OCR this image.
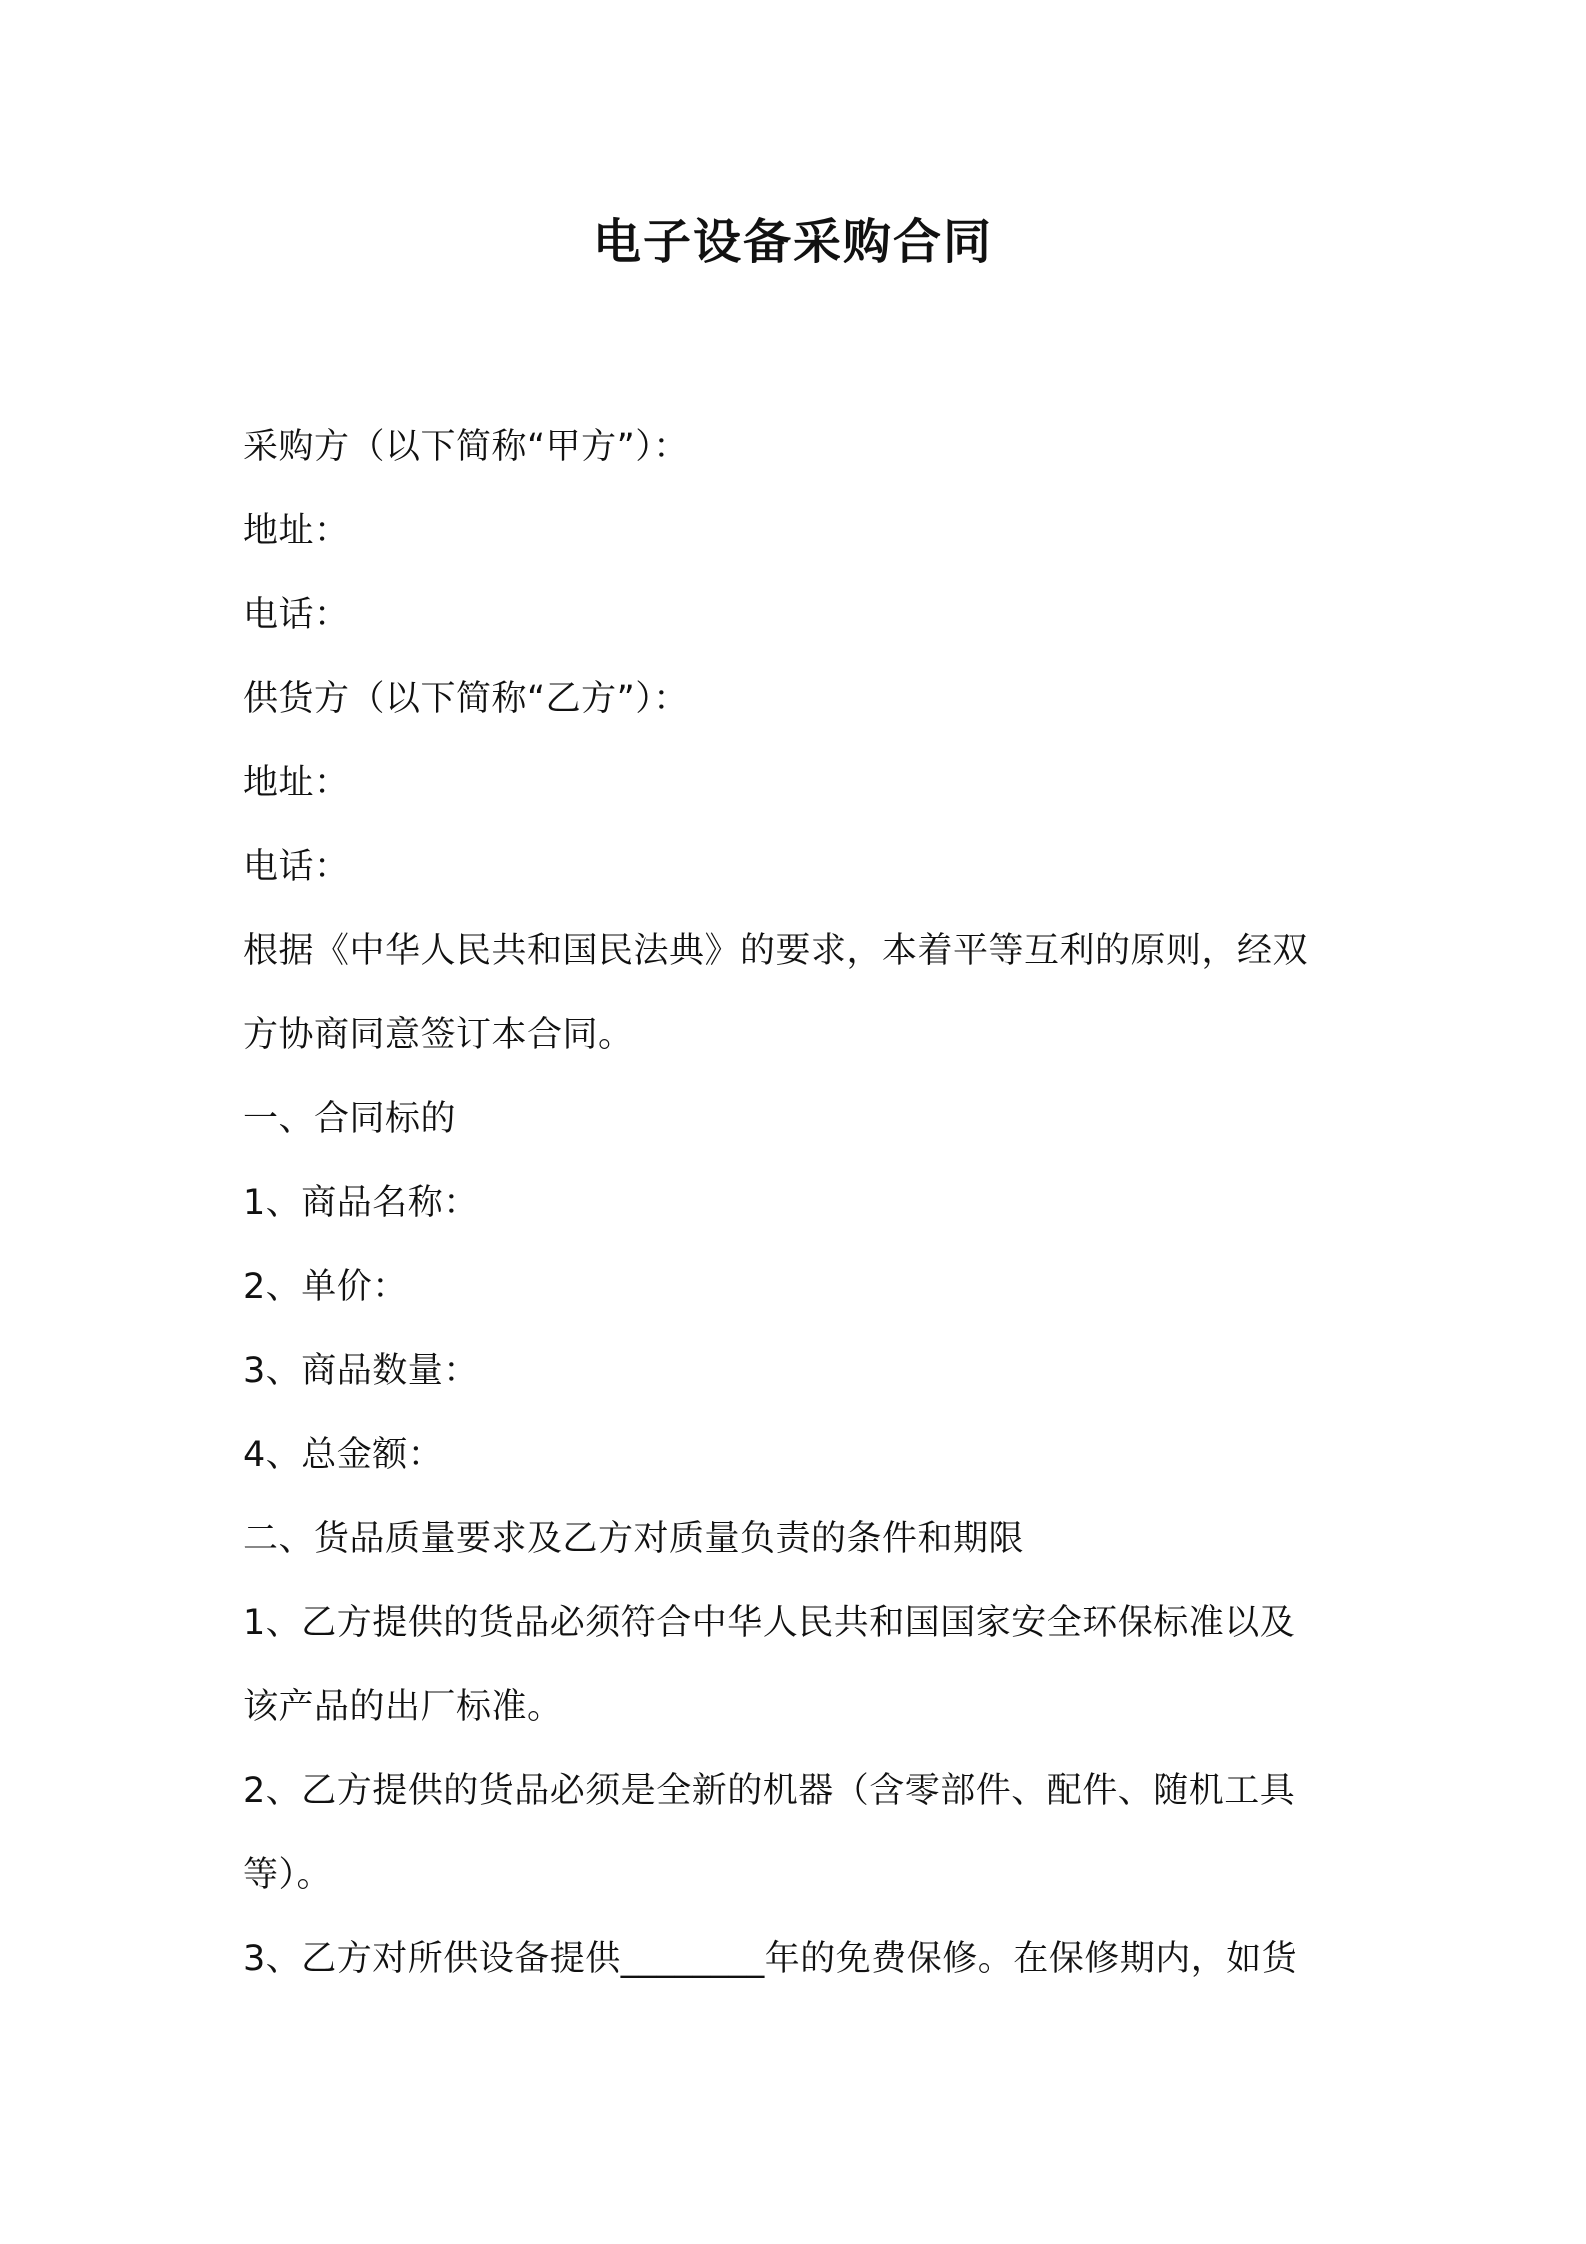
电子设备采购合同
采购方（以下简称“甲方”）：
地址：
电话：
供货方（以下简称“乙方”）：
地址：
电话：
根据《中华人民共和国民法典》的要求，本着平等互利的原则，经双
方协商同意签订本合同。
一、合同标的
1、商品名称：
2、单价：
3、商品数量：
4、总金额：
二、货品质量要求及乙方对质量负责的条件和期限
1、乙方提供的货品必须符合中华人民共和国国家安全环保标准以及
该产品的出厂标准。
2、乙方提供的货品必须是全新的机器（含零部件、配件、随机工具
等）。
3、乙方对所供设备提供________年的免费保修。在保修期内，如货
